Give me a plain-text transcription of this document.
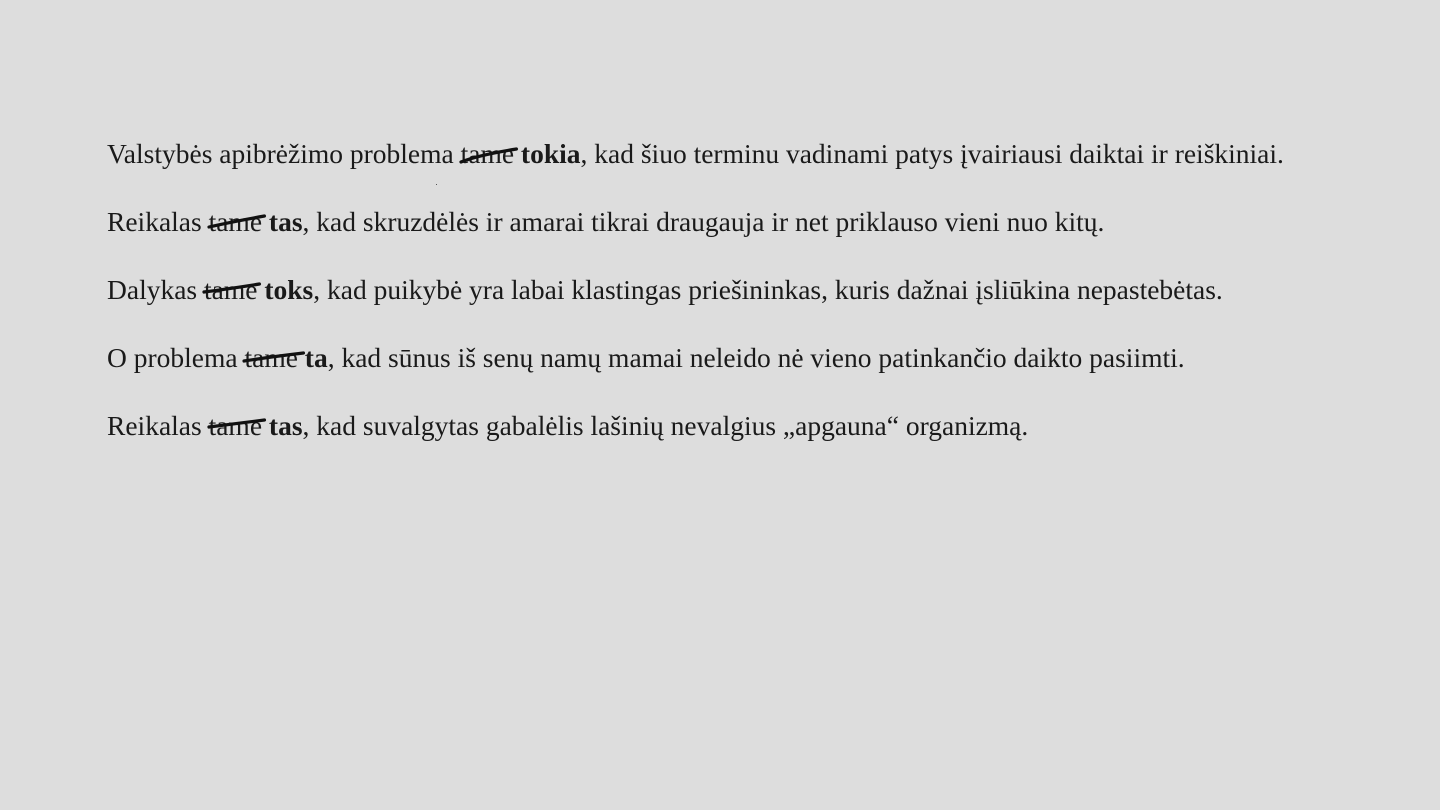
Valstybės apibrėžimo problema tame tokia, kad šiuo terminu vadinami patys įvairiausi daiktai ir reiškiniai.

Reikalas tame tas, kad skruzdėlės ir amarai tikrai draugauja ir net priklauso vieni nuo kitų.

Dalykas tame toks, kad puikybė yra labai klastingas priešininkas, kuris dažnai įsliūkina nepastebėtas.

O problema tame ta, kad sūnus iš senų namų mamai neleido nė vieno patinkančio daikto pasiimti.

Reikalas tame tas, kad suvalgytas gabalėlis lašinių nevalgius „apgauna“ organizmą.
